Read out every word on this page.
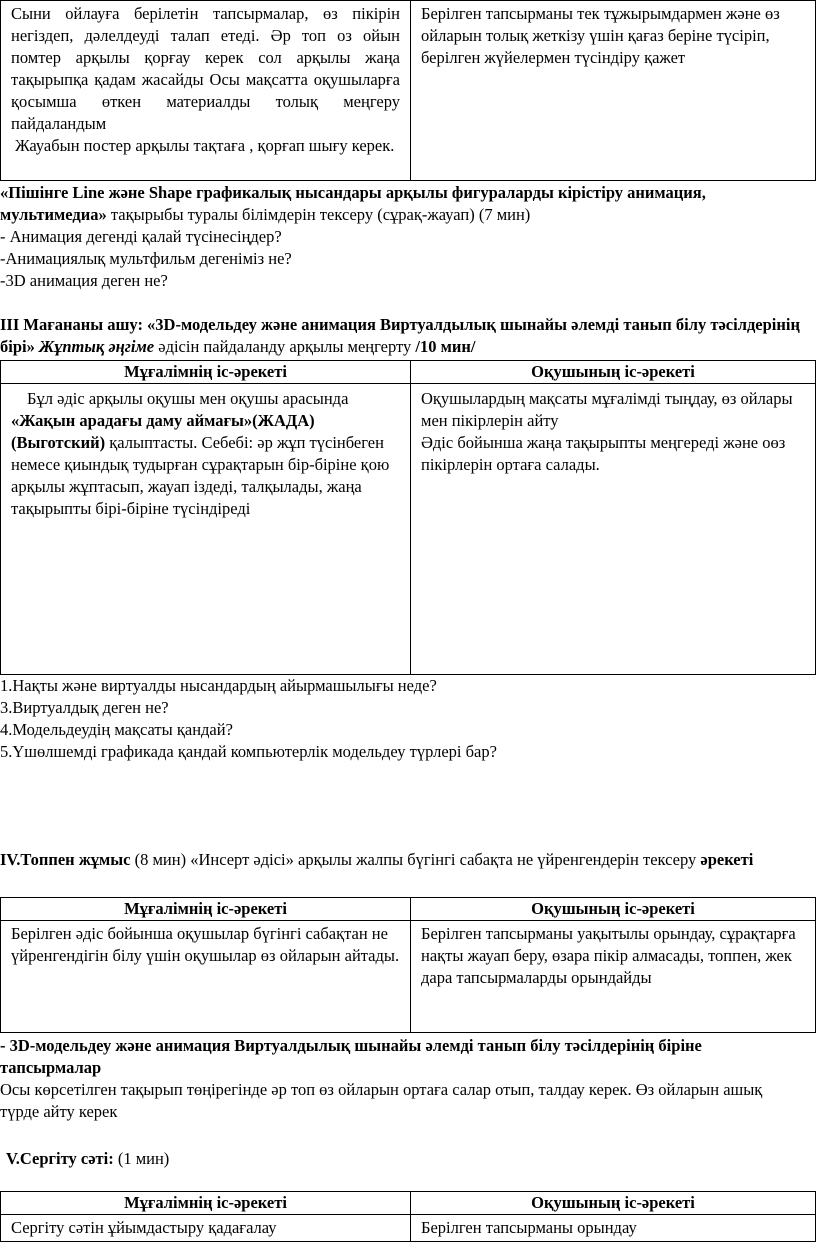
Сыни ойлауға берілетін тапсырмалар, өз пікірін негіздеп, дәлелдеуді талап етеді. Әр топ оз ойын помтер арқылы қорғау керек сол арқылы жаңа тақырыпқа қадам жасайды Осы мақсатта оқушыларға қосымша өткен материалды толық меңгеру пайдаландым

Жауабын постер арқылы тақтаға , қорғап шығу керек.

	Берілген тапсырманы тек тұжырымдармен және өз ойларын толық жеткізу үшін қағаз беріне түсіріп, берілген жүйелермен түсіндіру қажет

«Пішінге Line және Shape графикалық нысандары арқылы фигураларды кірістіру анимация, мультимедиа» тақырыбы туралы білімдерін тексеру (сұрақ-жауап) (7 мин)

- Анимация дегенді қалай түсінесіңдер?

-Анимациялық мультфильм дегеніміз не?

-3D анимация деген не?

ІІІ Мағананы ашу: «3D-модельдеу және анимация Виртуалдылық шынайы әлемді танып білу тәсілдерінің бірі» Жұптық әңгіме әдісін пайдаланду арқылы меңгерту /10 мин/

Мұғалімнің іс-әрекеті	Оқушының іс-әрекеті

Бұл әдіс арқылы оқушы мен оқушы арасында «Жақын арадағы даму аймағы»(ЖАДА)(Выготский) қалыптасты. Себебі: әр жұп түсінбеген немесе қиындық тудырған сұрақтарын бір-біріне қою арқылы жұптасып, жауап іздеді, талқылады, жаңа тақырыпты бірі-біріне түсіндіреді	Оқушылардың мақсаты мұғалімді тыңдау, өз ойлары мен пікірлерін айту
Әдіс бойынша жаңа тақырыпты меңгереді және оөз пікірлерін ортаға салады.

1.Нақты және виртуалды нысандардың айырмашылығы неде?

3.Виртуалдық деген не?

4.Модельдеудің мақсаты қандай?

5.Үшөлшемді графикада қандай компьютерлік модельдеу түрлері бар?

IV.Топпен жұмыс (8 мин) «Инсерт әдісі» арқылы жалпы бүгінгі сабақта не үйренгендерін тексеру әрекеті

Мұғалімнің іс-әрекеті	Оқушының іс-әрекеті
Берілген әдіс бойынша оқушылар бүгінгі сабақтан не үйренгендігін білу үшін оқушылар өз ойларын айтады.	Берілген тапсырманы уақытылы орындау, сұрақтарға нақты жауап беру, өзара пікір алмасады, топпен, жек дара тапсырмаларды орындайды

- 3D-модельдеу және анимация Виртуалдылық шынайы әлемді танып білу тәсілдерінің біріне тапсырмалар

Осы көрсетілген тақырып төңірегінде әр топ өз ойларын ортаға салар отып, талдау керек. Өз ойларын ашық түрде айту керек

V.Сергіту сәті: (1 мин)

Мұғалімнің іс-әрекеті	Оқушының іс-әрекеті
Сергіту сәтін ұйымдастыру қадағалау	Берілген тапсырманы орындау
